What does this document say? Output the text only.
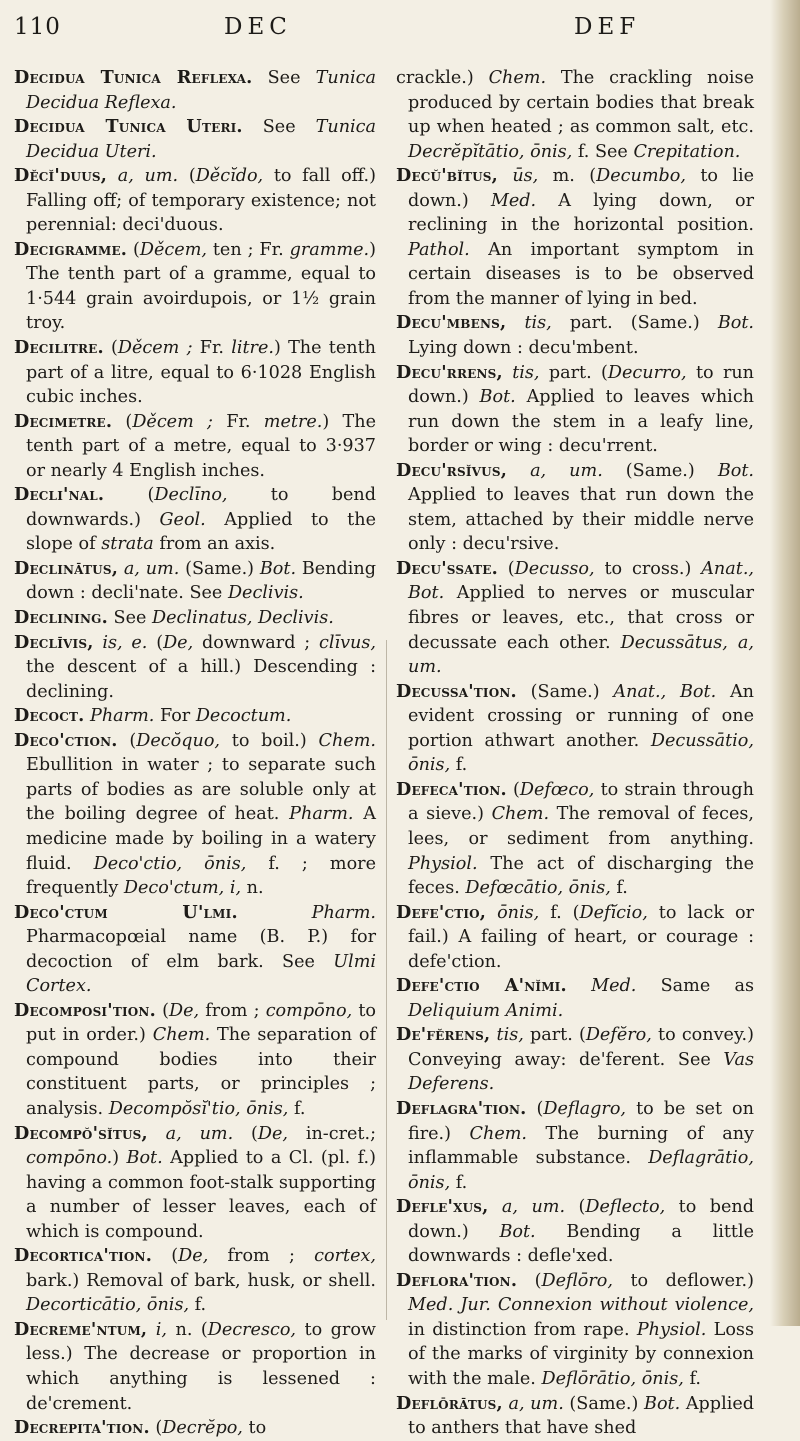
110	DEC	DEF

Decidua Tunica Reflexa. See Tunica Decidua Reflexa.

Decidua Tunica Uteri. See Tunica Decidua Uteri.

Děcĭ'duus, a, um. (Děcĭdo, to fall off.) Falling off; of temporary existence; not perennial: deci'duous.

Decigramme. (Děcem, ten ; Fr. gramme.) The tenth part of a gramme, equal to 1·544 grain avoirdupois, or 1½ grain troy.

Decilitre. (Děcem ; Fr. litre.) The tenth part of a litre, equal to 6·1028 English cubic inches.

Decimetre. (Děcem ; Fr. metre.) The tenth part of a metre, equal to 3·937 or nearly 4 English inches.

Decli'nal. (Declīno, to bend downwards.) Geol. Applied to the slope of strata from an axis.

Declinātus, a, um. (Same.) Bot. Bending down : decli'nate. See Declivis.

Declining. See Declinatus, Declivis.

Declīvis, is, e. (De, downward ; clīvus, the descent of a hill.) Descending : declining.

Decoct. Pharm. For Decoctum.

Deco'ction. (Decŏquo, to boil.) Chem. Ebullition in water ; to separate such parts of bodies as are soluble only at the boiling degree of heat. Pharm. A medicine made by boiling in a watery fluid. Deco'ctio, ōnis, f. ; more frequently Deco'ctum, i, n.

Deco'ctum U'lmi.	Pharm. Pharmacopœial name (B. P.) for decoction of elm bark. See Ulmi Cortex.

Decomposi'tion. (De, from ; compōno, to put in order.) Chem. The separation of compound bodies into their constituent parts, or principles ; analysis. Decompŏsĭ'tio, ōnis, f.

Decompŏ'sĭtus, a, um. (De, in-cret.; compōno.) Bot. Applied to a Cl. (pl. f.) having a common foot-stalk supporting a number of lesser leaves, each of which is compound.

Decortica'tion. (De, from ; cortex, bark.) Removal of bark, husk, or shell. Decorticātio, ōnis, f.

Decreme'ntum, i, n. (Decresco, to grow less.) The decrease or proportion in which anything is lessened : de'crement.

Decrepita'tion. (Decrĕpo, to

crackle.) Chem. The crackling noise produced by certain bodies that break up when heated ; as common salt, etc. Decrĕpĭtātio, ōnis, f. See Crepitation.

Decŭ'bĭtus, ūs, m. (Decumbo, to lie down.) Med. A lying down, or reclining in the horizontal position. Pathol. An important symptom in certain diseases is to be observed from the manner of lying in bed.

Decu'mbens, tis, part. (Same.) Bot. Lying down : decu'mbent.

Decu'rrens, tis, part. (Decurro, to run down.) Bot. Applied to leaves which run down the stem in a leafy line, border or wing : decu'rrent.

Decu'rsĭvus, a, um. (Same.) Bot. Applied to leaves that run down the stem, attached by their middle nerve only : decu'rsive.

Decu'ssate. (Decusso, to cross.) Anat., Bot. Applied to nerves or muscular fibres or leaves, etc., that cross or decussate each other. Decussātus, a, um.

Decussa'tion. (Same.) Anat., Bot. An evident crossing or running of one portion athwart another. Decussātio, ōnis, f.

Defeca'tion. (Defœco, to strain through a sieve.) Chem. The removal of feces, lees, or sediment from anything. Physiol. The act of discharging the feces. Defœcātio, ōnis, f.

Defe'ctio, ōnis, f. (Defĭcio, to lack or fail.) A failing of heart, or courage : defe'ction.

Defe'ctio A'nĭmi. Med. Same as Deliquium Animi.

De'fĕrens, tis, part. (Defĕro, to convey.) Conveying away: de'ferent. See Vas Deferens.

Deflagra'tion. (Deflagro, to be set on fire.) Chem. The burning of any inflammable substance. Deflagrātio, ōnis, f.

Defle'xus, a, um. (Deflecto, to bend down.) Bot. Bending a little downwards : defle'xed.

Deflora'tion. (Deflōro, to deflower.) Med. Jur. Connexion without violence, in distinction from rape. Physiol. Loss of the marks of virginity by connexion with the male. Deflōrātio, ōnis, f.

Deflōrātus, a, um. (Same.) Bot. Applied to anthers that have shed
